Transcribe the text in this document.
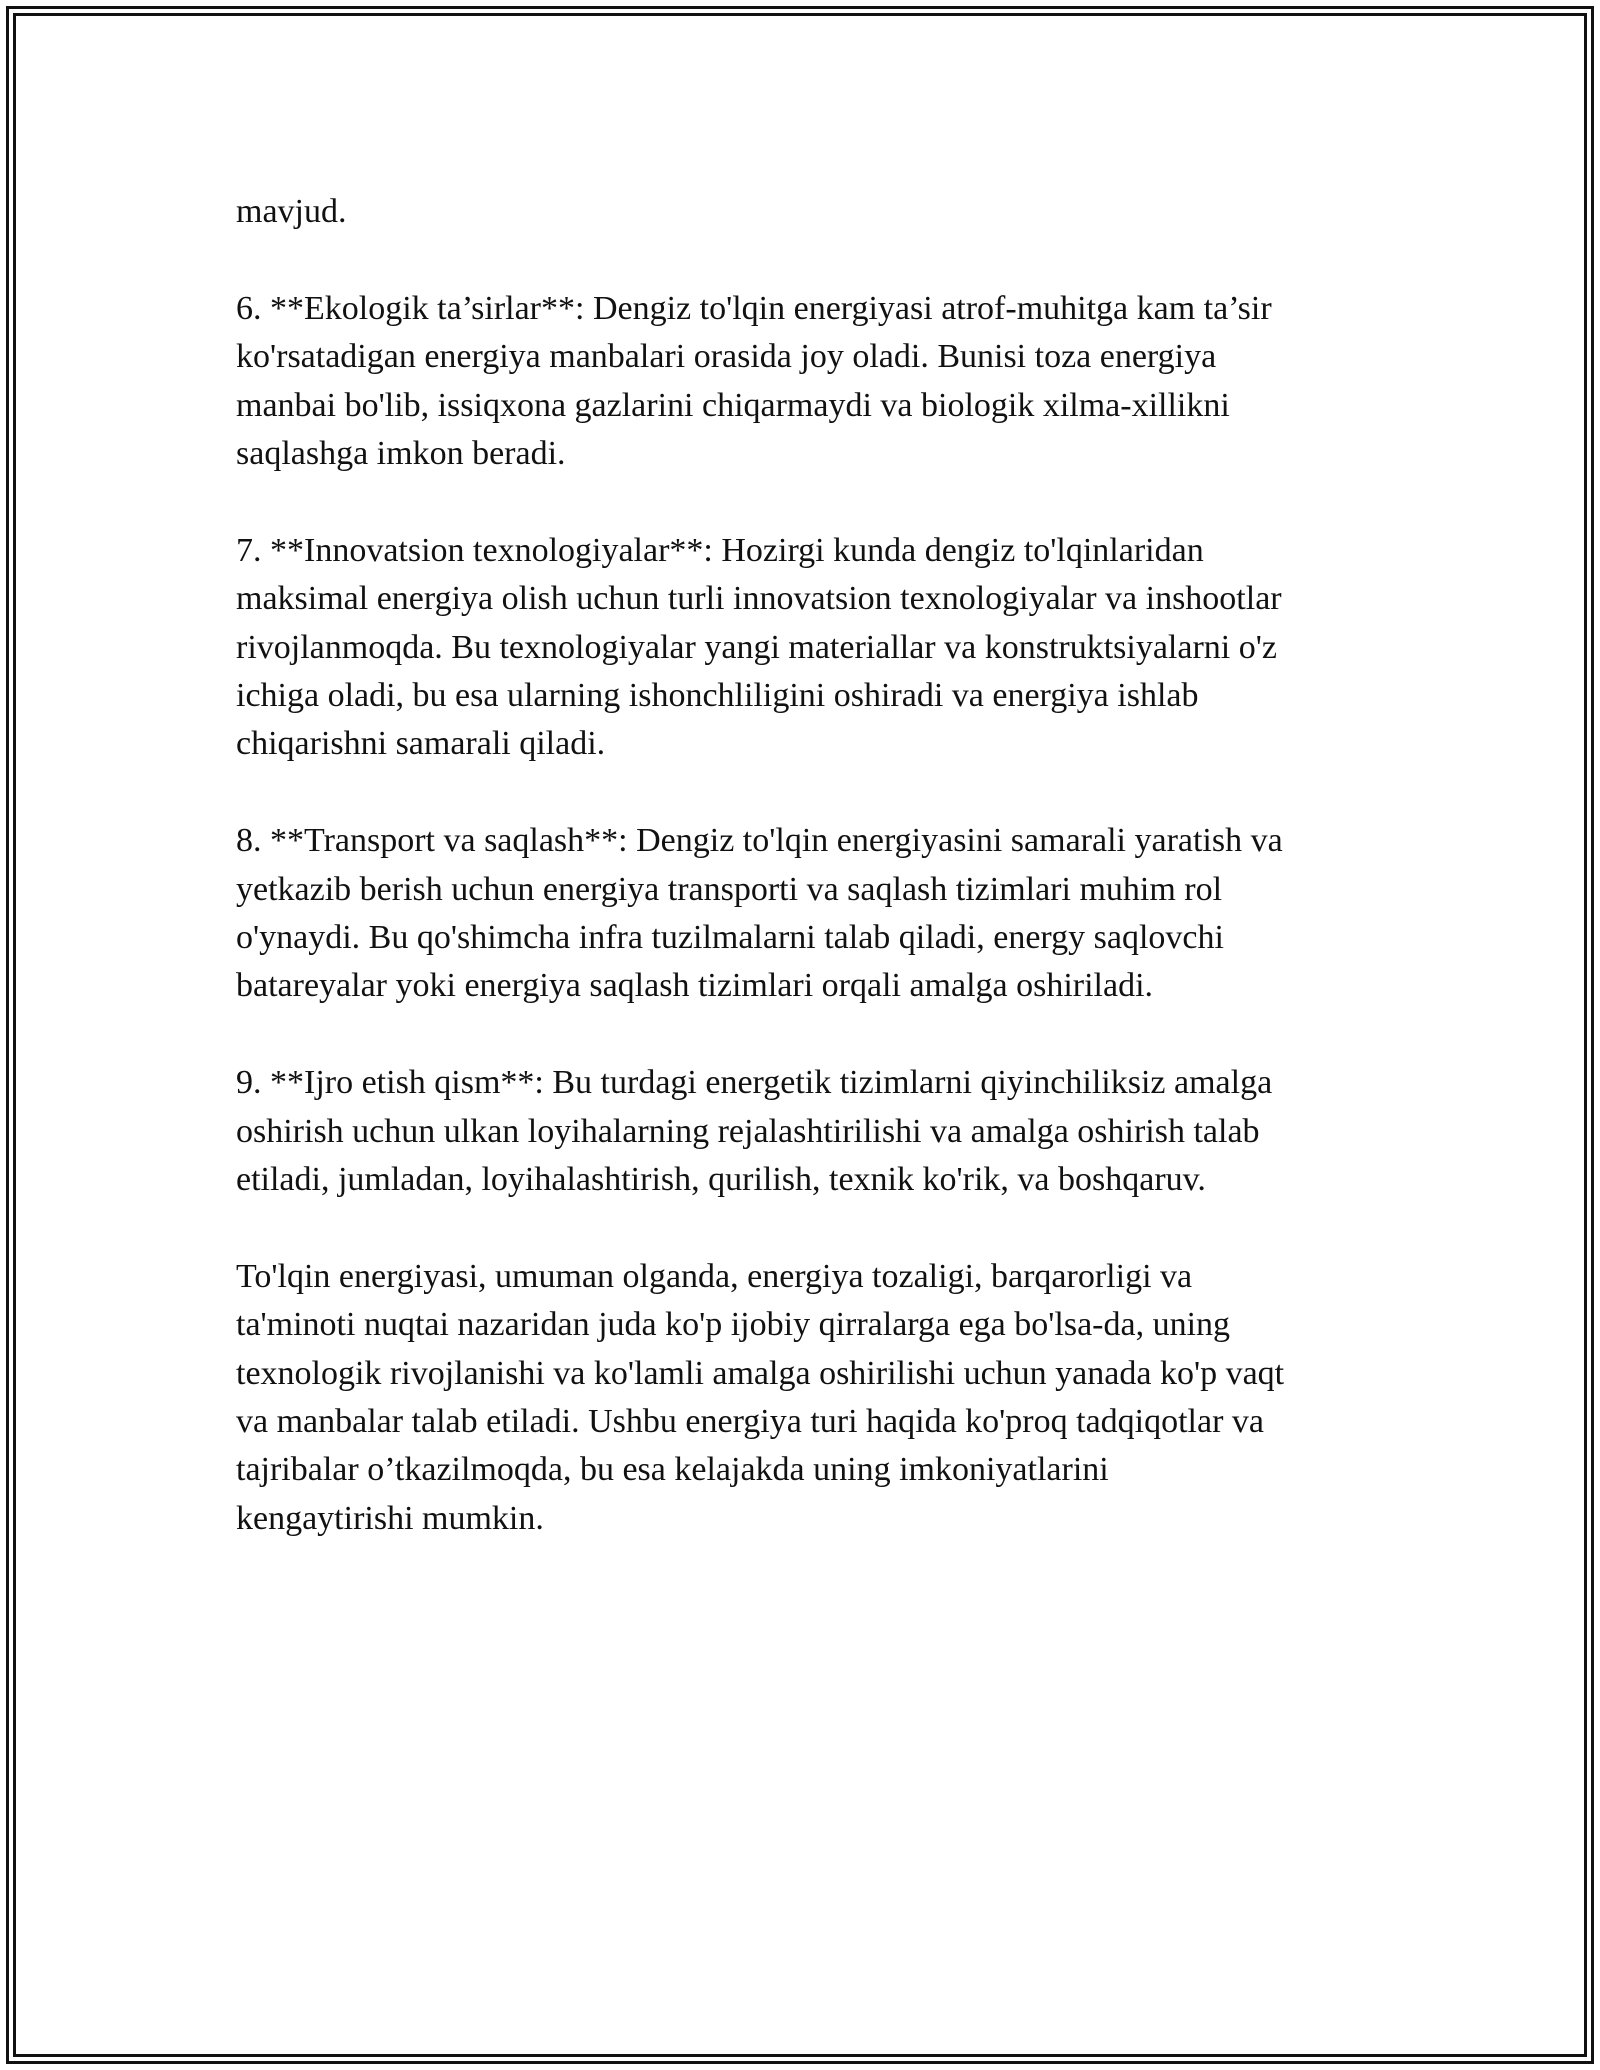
mavjud.

6. **Ekologik ta’sirlar**: Dengiz to'lqin energiyasi atrof-muhitga kam ta’sir
ko'rsatadigan energiya manbalari orasida joy oladi. Bunisi toza energiya
manbai bo'lib, issiqxona gazlarini chiqarmaydi va biologik xilma-xillikni
saqlashga imkon beradi.

7. **Innovatsion texnologiyalar**: Hozirgi kunda dengiz to'lqinlaridan
maksimal energiya olish uchun turli innovatsion texnologiyalar va inshootlar
rivojlanmoqda. Bu texnologiyalar yangi materiallar va konstruktsiyalarni o'z
ichiga oladi, bu esa ularning ishonchliligini oshiradi va energiya ishlab
chiqarishni samarali qiladi.

8. **Transport va saqlash**: Dengiz to'lqin energiyasini samarali yaratish va
yetkazib berish uchun energiya transporti va saqlash tizimlari muhim rol
o'ynaydi. Bu qo'shimcha infra tuzilmalarni talab qiladi, energy saqlovchi
batareyalar yoki energiya saqlash tizimlari orqali amalga oshiriladi.

9. **Ijro etish qism**: Bu turdagi energetik tizimlarni qiyinchiliksiz amalga
oshirish uchun ulkan loyihalarning rejalashtirilishi va amalga oshirish talab
etiladi, jumladan, loyihalashtirish, qurilish, texnik ko'rik, va boshqaruv.

To'lqin energiyasi, umuman olganda, energiya tozaligi, barqarorligi va
ta'minoti nuqtai nazaridan juda ko'p ijobiy qirralarga ega bo'lsa-da, uning
texnologik rivojlanishi va ko'lamli amalga oshirilishi uchun yanada ko'p vaqt
va manbalar talab etiladi. Ushbu energiya turi haqida ko'proq tadqiqotlar va
tajribalar o’tkazilmoqda, bu esa kelajakda uning imkoniyatlarini
kengaytirishi mumkin.
